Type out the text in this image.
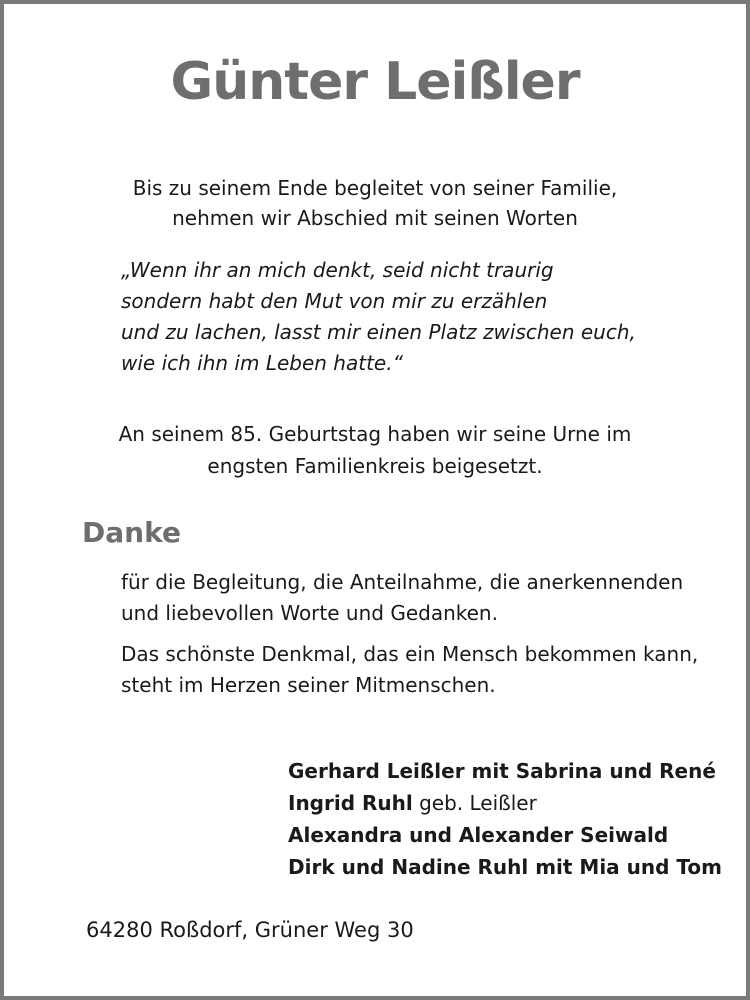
Günter Leißler
Bis zu seinem Ende begleitet von seiner Familie,
nehmen wir Abschied mit seinen Worten
„Wenn ihr an mich denkt, seid nicht traurig
sondern habt den Mut von mir zu erzählen
und zu lachen, lasst mir einen Platz zwischen euch,
wie ich ihn im Leben hatte.“
An seinem 85. Geburtstag haben wir seine Urne im
engsten Familienkreis beigesetzt.
Danke

für die Begleitung, die Anteilnahme, die anerkennenden
und liebevollen Worte und Gedanken.

Das schönste Denkmal, das ein Mensch bekommen kann,
steht im Herzen seiner Mitmenschen.

Gerhard Leißler mit Sabrina und René
Ingrid Ruhl geb. Leißler
Alexandra und Alexander Seiwald
Dirk und Nadine Ruhl mit Mia und Tom
64280 Roßdorf, Grüner Weg 30
